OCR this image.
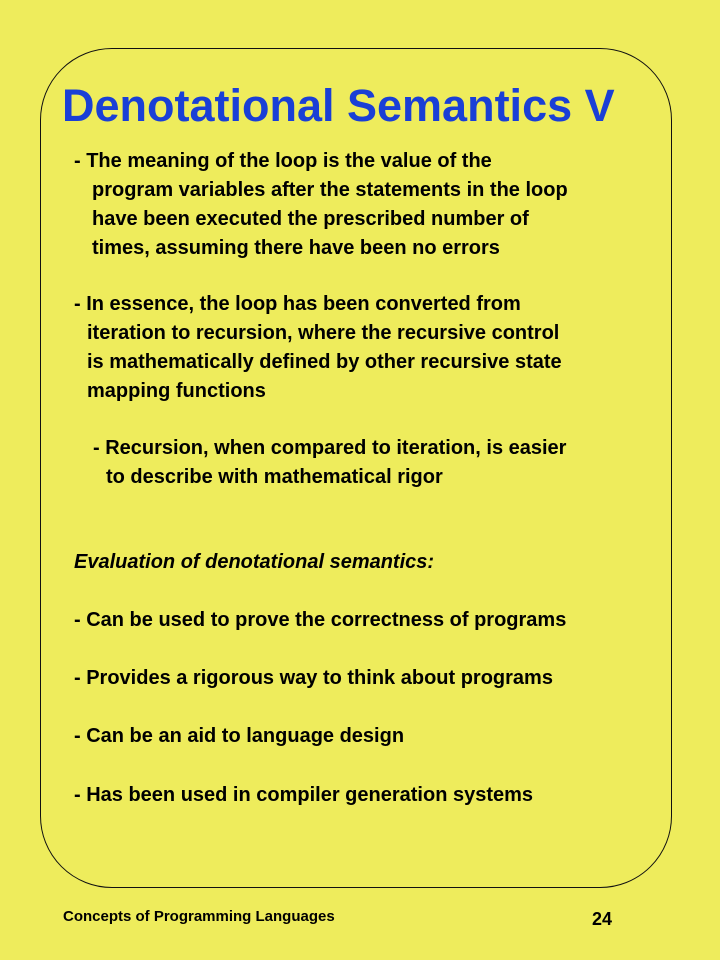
Denotational Semantics V
- The meaning of the loop is the value of the
program variables after the statements in the loop
have been executed the prescribed number of
times, assuming there have been no errors
- In essence, the loop has been converted from
iteration to recursion, where the recursive control
is mathematically defined by other recursive state
mapping functions
- Recursion, when compared to iteration, is easier
to describe with mathematical rigor
Evaluation of denotational semantics:
- Can be used to prove the correctness of programs
- Provides a rigorous way to think about programs
- Can be an aid to language design
- Has been used in compiler generation systems
Concepts of Programming Languages	24
